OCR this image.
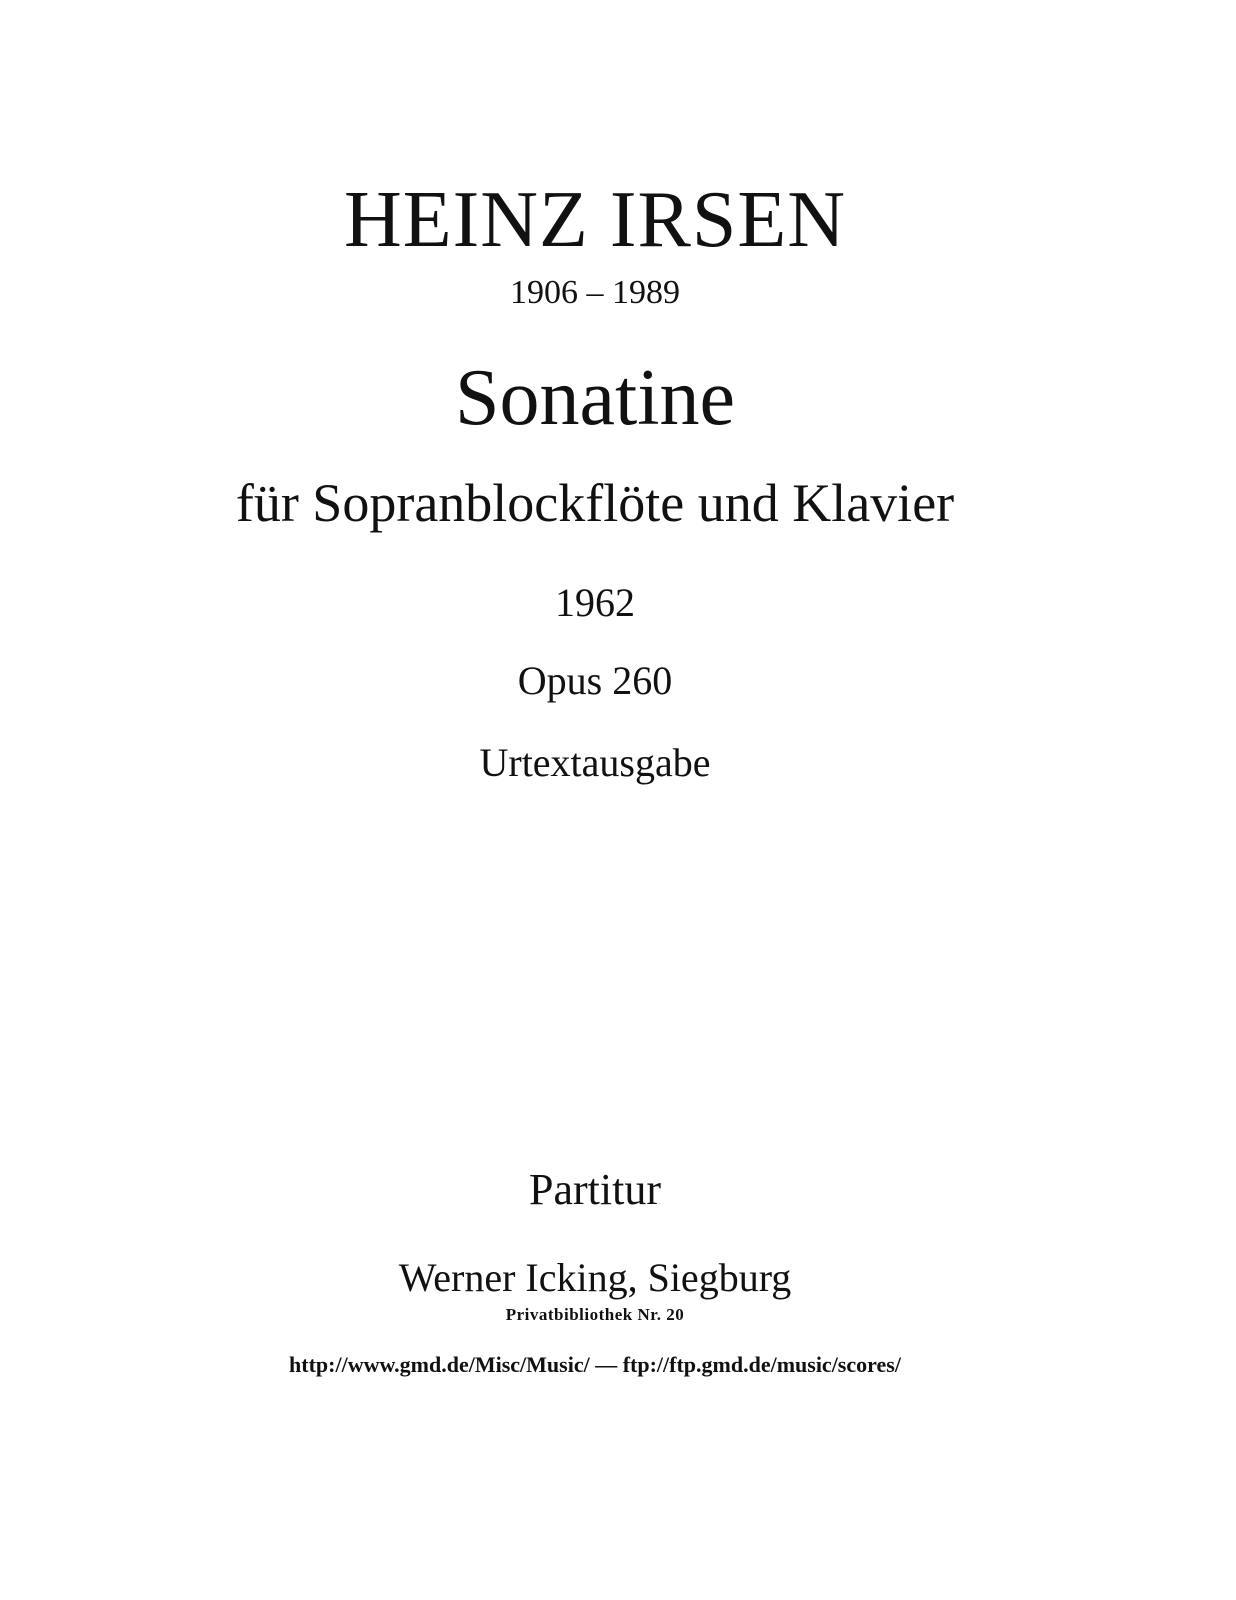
HEINZ IRSEN
1906 – 1989
Sonatine
für Sopranblockflöte und Klavier
1962
Opus 260
Urtextausgabe
Partitur
Werner Icking, Siegburg
Privatbibliothek Nr. 20
http://www.gmd.de/Misc/Music/ — ftp://ftp.gmd.de/music/scores/
